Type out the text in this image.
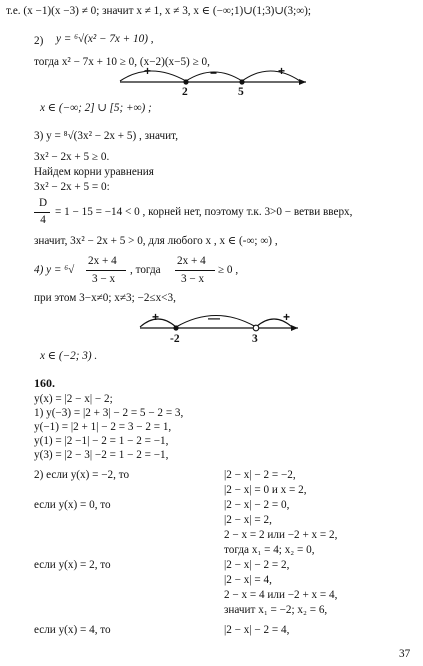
т.е. (x −1)(x −3) ≠ 0; значит x ≠ 1, x ≠ 3, x ∈ (−∞;1)∪(1;3)∪(3;∞);
2) y = ⁶√(x² − 7x + 10) ,
тогда x² − 7x + 10 ≥ 0, (x−2)(x−5) ≥ 0,
+	−	+
2	5
x ∈ (−∞; 2] ∪ [5; +∞) ;
3) y = ⁸√(3x² − 2x + 5) , значит,
3x² − 2x + 5 ≥ 0.
Найдем корни уравнения
3x² − 2x + 5 = 0:
D
4
= 1 − 15 = −14 < 0 , корней нет, поэтому т.к. 3>0 − ветви вверх,
значит, 3x² − 2x + 5 > 0, для любого x , x ∈ (-∞; ∞) ,
4) y = ⁶√
2x + 4
3 − x
, тогда
2x + 4
3 − x
≥ 0 ,
при этом 3−x≠0; x≠3; −2≤x<3,
+	—	+
-2	3
x ∈ (−2; 3) .
160.
y(x) = |2 − x| − 2;
1) y(−3) = |2 + 3| − 2 = 5 − 2 = 3,
y(−1) = |2 + 1| − 2 = 3 − 2 = 1,
y(1) = |2 −1| − 2 = 1 − 2 = −1,
y(3) = |2 − 3| −2 = 1 − 2 = −1,
2) если y(x) = −2, то	|2 − x| − 2 = −2,
|2 − x| = 0 и x = 2,
если y(x) = 0, то	|2 − x| − 2 = 0,
|2 − x| = 2,
2 − x = 2 или −2 + x = 2,
тогда x₁ = 4; x₂ = 0,
если y(x) = 2, то	|2 − x| − 2 = 2,
|2 − x| = 4,
2 − x = 4 или −2 + x = 4,
значит x₁ = −2; x₂ = 6,
если y(x) = 4, то	|2 − x| − 2 = 4,
37
